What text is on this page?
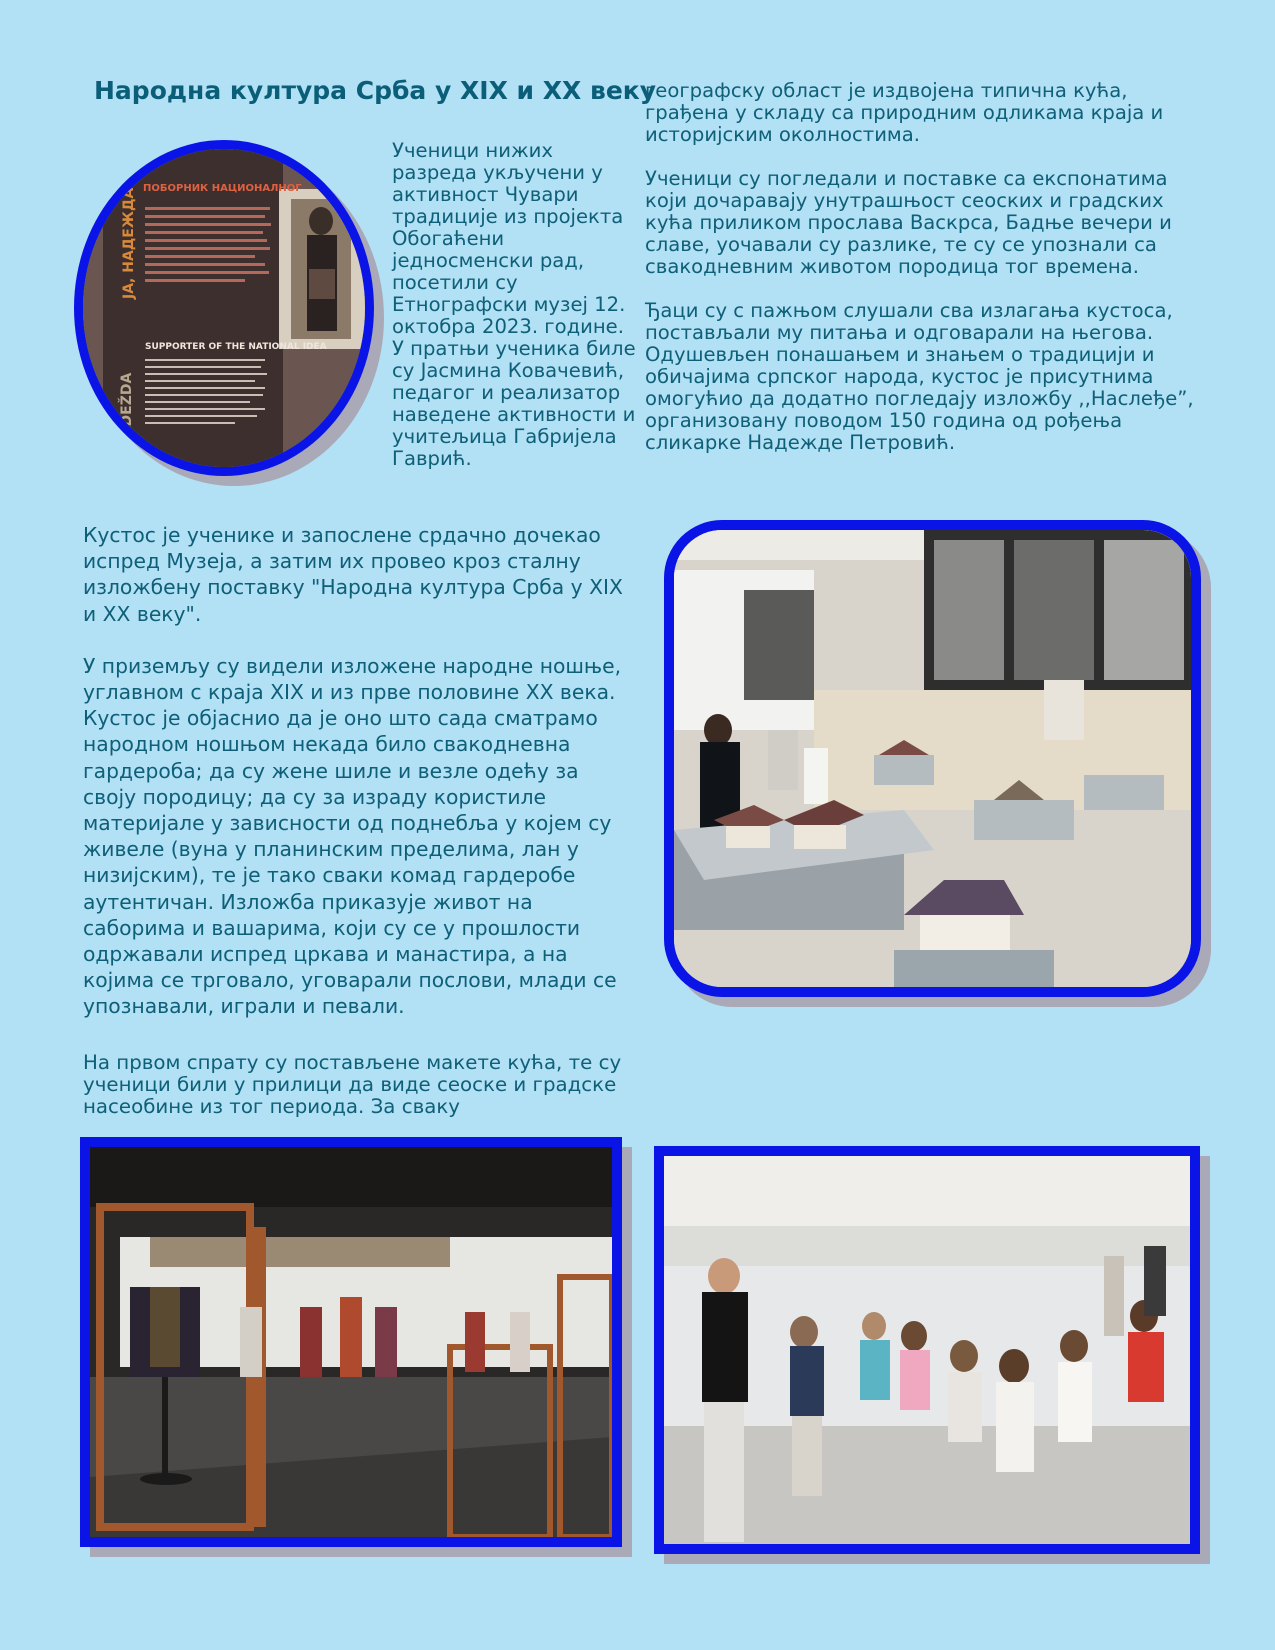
Народна култура Срба у XIX и XX веку
ПОБОРНИК НАЦИОНАЛНОГ
ЈА, НАДЕЖДА
NADEŽDA
SUPPORTER OF THE NATIONAL IDEA

Ученици нижих разреда укључени у активност Чувари традиције из пројекта Обогаћени једносменски рад, посетили су Етнографски музеј 12. октобра 2023. године. У пратњи ученика биле су Јасмина Ковачевић, педагог и реализатор наведене активности и учитељица Габријела Гаврић.

географску област је издвојена типична кућа, грађена у складу са природним одликама краја и историјским околностима.

Ученици су погледали и поставке са експонатима који дочаравају унутрашњост сеоских и градских кућа приликом прослава Васкрса, Бадње вечери и славе, уочавали су разлике, те су се упознали са свакодневним животом породица тог времена.

Ђаци су с пажњом слушали сва излагања кустоса, постављали му питања и одговарали на његова. Одушевљен понашањем и знањем о традицији и обичајима српског народа, кустос је присутнима омогућио да додатно погледају изложбу ,,Наслеђе”, организовану поводом 150 година од рођења сликарке Надежде Петровић.

Кустос је ученике и запослене срдачно дочекао испред Музеја, а затим их провео кроз сталну изложбену поставку "Народна култура Срба у XIX и XX веку".

У приземљу су видели изложене народне ношње, углавном с краја XIX и из прве половине XX века. Кустос је објаснио да је оно што сада сматрамо народном ношњом некада било свакодневна гардероба; да су жене шиле и везле одећу за своју породицу; да су за израду користиле материјале у зависности од поднебља у којем су живеле (вуна у планинским пределима, лан у низијским), те је тако сваки комад гардеробе аутентичан. Изложба приказује живот на саборима и вашарима, који су се у прошлости одржавали испред цркава и манастира, а на којима се трговало, уговарали послови, млади се упознавали, играли и певали.

На првом спрату су постављене макете кућа, те су ученици били у прилици да виде сеоске и градске насеобине из тог периода. За сваку
